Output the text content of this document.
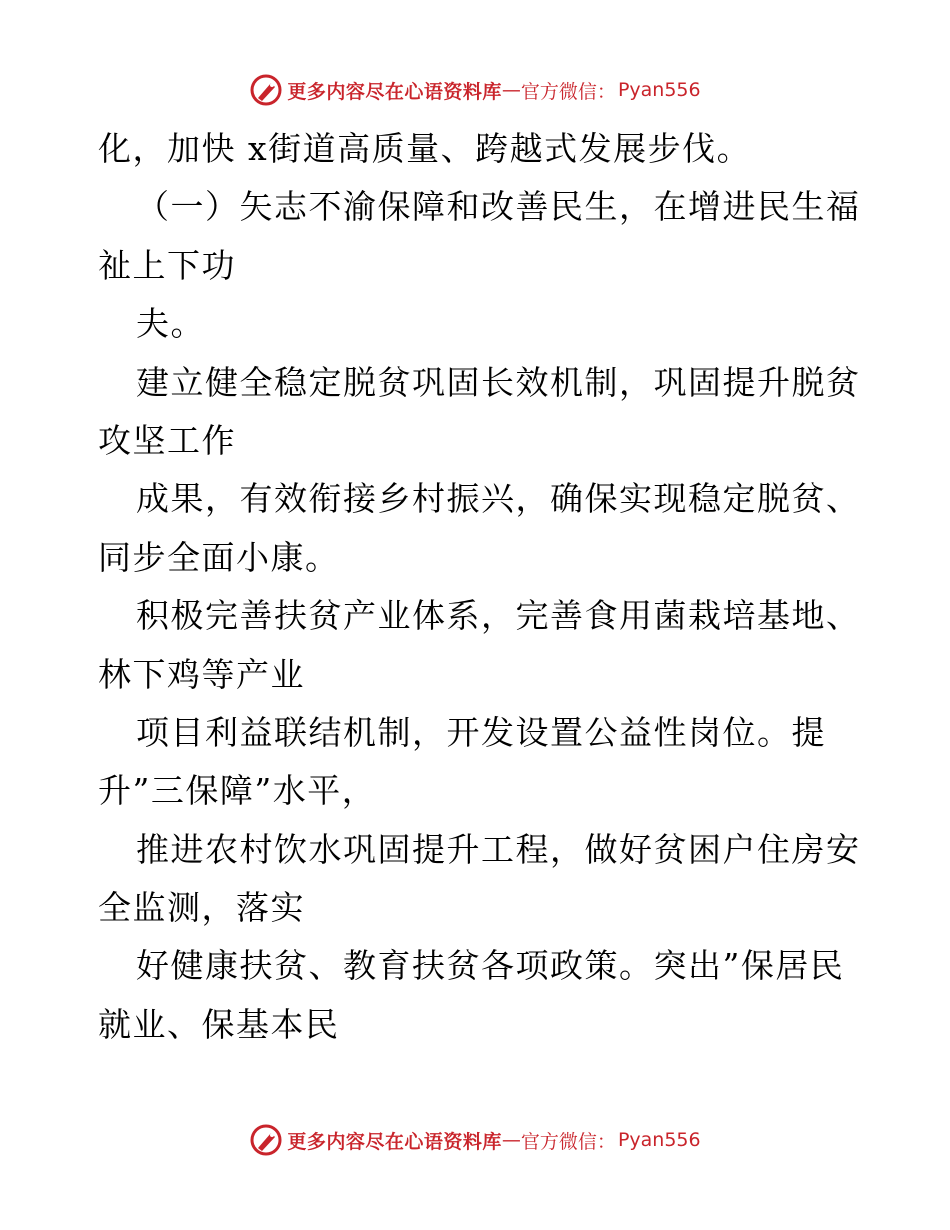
更多内容尽在心语资料库 — 官方微信： Pyan556
化，加快 x街道高质量、跨越式发展步伐。
（一）矢志不渝保障和改善民生，在增进民生福
祉上下功
夫。
建立健全稳定脱贫巩固长效机制，巩固提升脱贫
攻坚工作
成果，有效衔接乡村振兴，确保实现稳定脱贫、
同步全面小康。
积极完善扶贫产业体系，完善食用菌栽培基地、
林下鸡等产业
项目利益联结机制，开发设置公益性岗位。提
升”三保障”水平，
推进农村饮水巩固提升工程，做好贫困户住房安
全监测，落实
好健康扶贫、教育扶贫各项政策。突出”保居民
就业、保基本民
更多内容尽在心语资料库 — 官方微信： Pyan556
